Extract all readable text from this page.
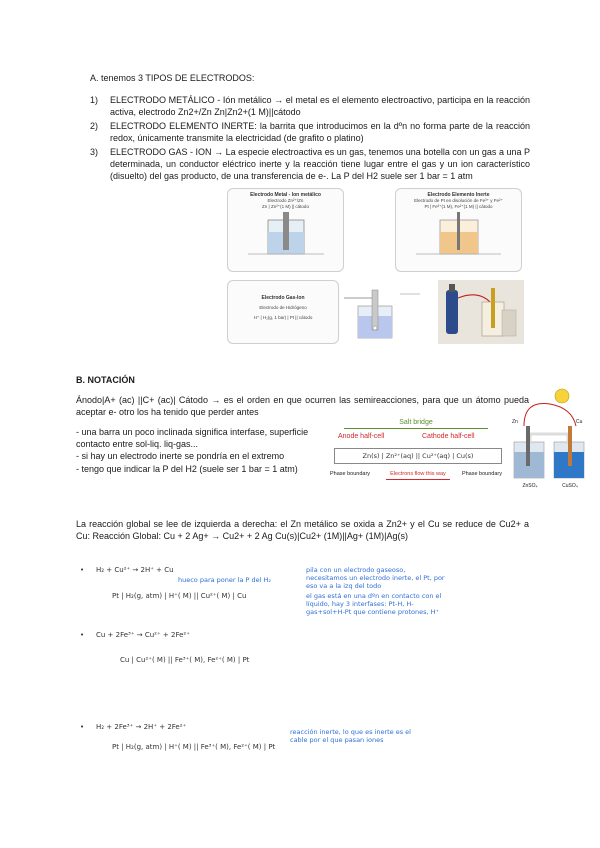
A. tenemos 3 TIPOS DE ELECTRODOS:
1)	ELECTRODO METÁLICO - Ión metálico → el metal es el elemento electroactivo, participa en la reacción activa, electrodo Zn2+/Zn Zn|Zn2+(1 M)||cátodo
2)	ELECTRODO ELEMENTO INERTE: la barrita que introducimos en la dºn no forma parte de la reacción redox, únicamente transmite la electricidad (de grafito o platino)
3)	ELECTRODO GAS - ION → La especie electroactiva es un gas, tenemos una botella con un gas a una P determinada, un conductor eléctrico inerte y la reacción tiene lugar entre el gas y un ion característico (disuelto) del gas producto, de una transferencia de e-. La P del H2 suele ser 1 bar = 1 atm
Electrodo Metal - Ion metálico
Electrodo Zn²⁺/Zn
Zn | Zn²⁺(1 M) || cátodo
Electrodo Elemento Inerte
Electrodo de Pt en disolución de Fe³⁺ y Fe²⁺
Pt | Fe³⁺(1 M), Fe²⁺(1 M) || cátodo
Electrodo Gas-Ion
Electrodo de Hidrógeno
H⁺ | H₂(g, 1 bar) | Pt || cátodo
B. NOTACIÓN
Ánodo|A+ (ac) ||C+ (ac)| Cátodo → es el orden en que ocurren las semireacciones, para que un átomo pueda aceptar e- otro los ha tenido que perder antes
- una barra un poco inclinada significa interfase, superficie contacto entre sol-liq. liq-gas...
- si hay un electrodo inerte se pondría en el extremo
- tengo que indicar la P del H2 (suele ser 1 bar = 1 atm)
Salt bridge
Anode half-cell	Cathode half-cell
Zn(s) | Zn²⁺(aq) || Cu²⁺(aq) | Cu(s)
Phase boundary	Electrons flow this way	Phase boundary
Zn	Cu
ZnSO₄	CuSO₄
La reacción global se lee de izquierda a derecha: el Zn metálico se oxida a Zn2+ y el Cu se reduce de Cu2+ a Cu: Reacción Global: Cu + 2 Ag+ → Cu2+ + 2 Ag Cu(s)|Cu2+ (1M)||Ag+ (1M)|Ag(s)
•	H₂ + Cu²⁺ → 2H⁺ + Cu
hueco para poner la P del H₂
Pt | H₂(g, atm) | H⁺( M) || Cu²⁺( M) | Cu
pila con un electrodo gaseoso, necesitamos un electrodo inerte, el Pt, por eso va a la izq del todo
el gas está en una dºn en contacto con el líquido, hay 3 interfases: Pt-H, H-gas+sol+H-Pt que contiene protones, H⁺
•	Cu + 2Fe³⁺ → Cu²⁺ + 2Fe²⁺
Cu | Cu²⁺( M) || Fe³⁺( M), Fe²⁺( M) | Pt
•	H₂ + 2Fe³⁺ → 2H⁺ + 2Fe²⁺
Pt | H₂(g, atm) | H⁺( M) || Fe³⁺( M), Fe²⁺( M) | Pt
reacción inerte, lo que es inerte es el cable por el que pasan iones
